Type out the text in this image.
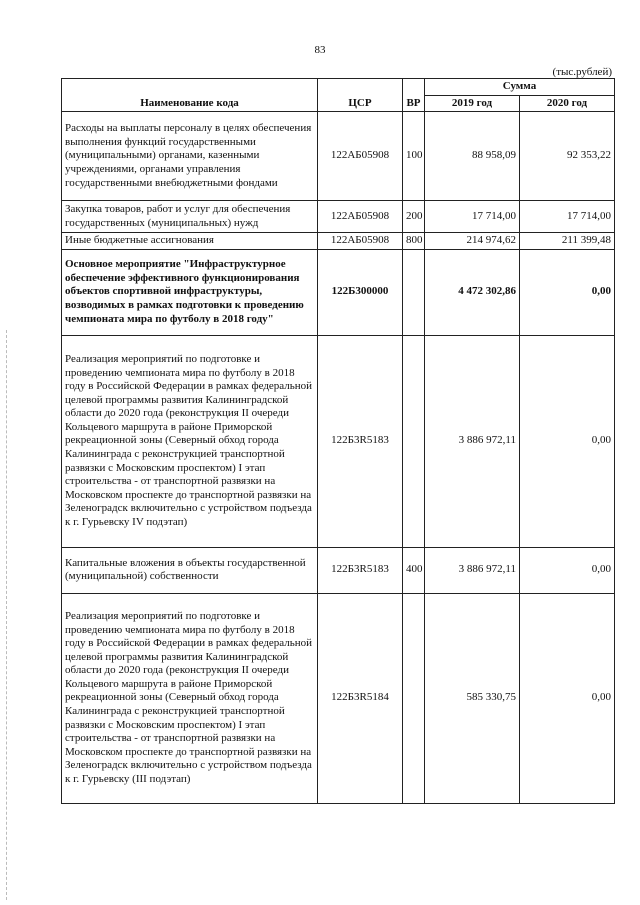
83
(тыс.рублей)
Наименование кода	ЦСР	ВР	Сумма	
			2019 год	2020 год
Расходы на выплаты персоналу в целях обеспечения выполнения функций государственными (муниципальными) органами, казенными учреждениями, органами управления государственными внебюджетными фондами	122АБ05908	100	88 958,09	92 353,22
Закупка товаров, работ и услуг для обеспечения государственных (муниципальных) нужд	122АБ05908	200	17 714,00	17 714,00
Иные бюджетные ассигнования	122АБ05908	800	214 974,62	211 399,48
Основное мероприятие "Инфраструктурное обеспечение эффективного функционирования объектов спортивной инфраструктуры, возводимых в рамках подготовки к проведению чемпионата мира по футболу в 2018 году"	122Б300000		4 472 302,86	0,00
Реализация мероприятий по подготовке и проведению чемпионата мира по футболу в 2018 году в Российской Федерации в рамках федеральной целевой программы развития Калининградской области до 2020 года (реконструкция II очереди Кольцевого маршрута в районе Приморской рекреационной зоны (Северный обход города Калининграда с реконструкцией транспортной развязки с Московским проспектом) I этап строительства - от транспортной развязки на Московском проспекте до транспортной развязки на Зеленоградск включительно с устройством подъезда к г. Гурьевску IV подэтап)	122Б3R5183		3 886 972,11	0,00
Капитальные вложения в объекты государственной (муниципальной) собственности	122Б3R5183	400	3 886 972,11	0,00
Реализация мероприятий по подготовке и проведению чемпионата мира по футболу в 2018 году в Российской Федерации в рамках федеральной целевой программы развития Калининградской области до 2020 года (реконструкция II очереди Кольцевого маршрута в районе Приморской рекреационной зоны (Северный обход города Калининграда с реконструкцией транспортной развязки с Московским проспектом) I этап строительства - от транспортной развязки на Московском проспекте до транспортной развязки на Зеленоградск включительно с устройством подъезда к г. Гурьевску (III подэтап)	122Б3R5184		585 330,75	0,00
